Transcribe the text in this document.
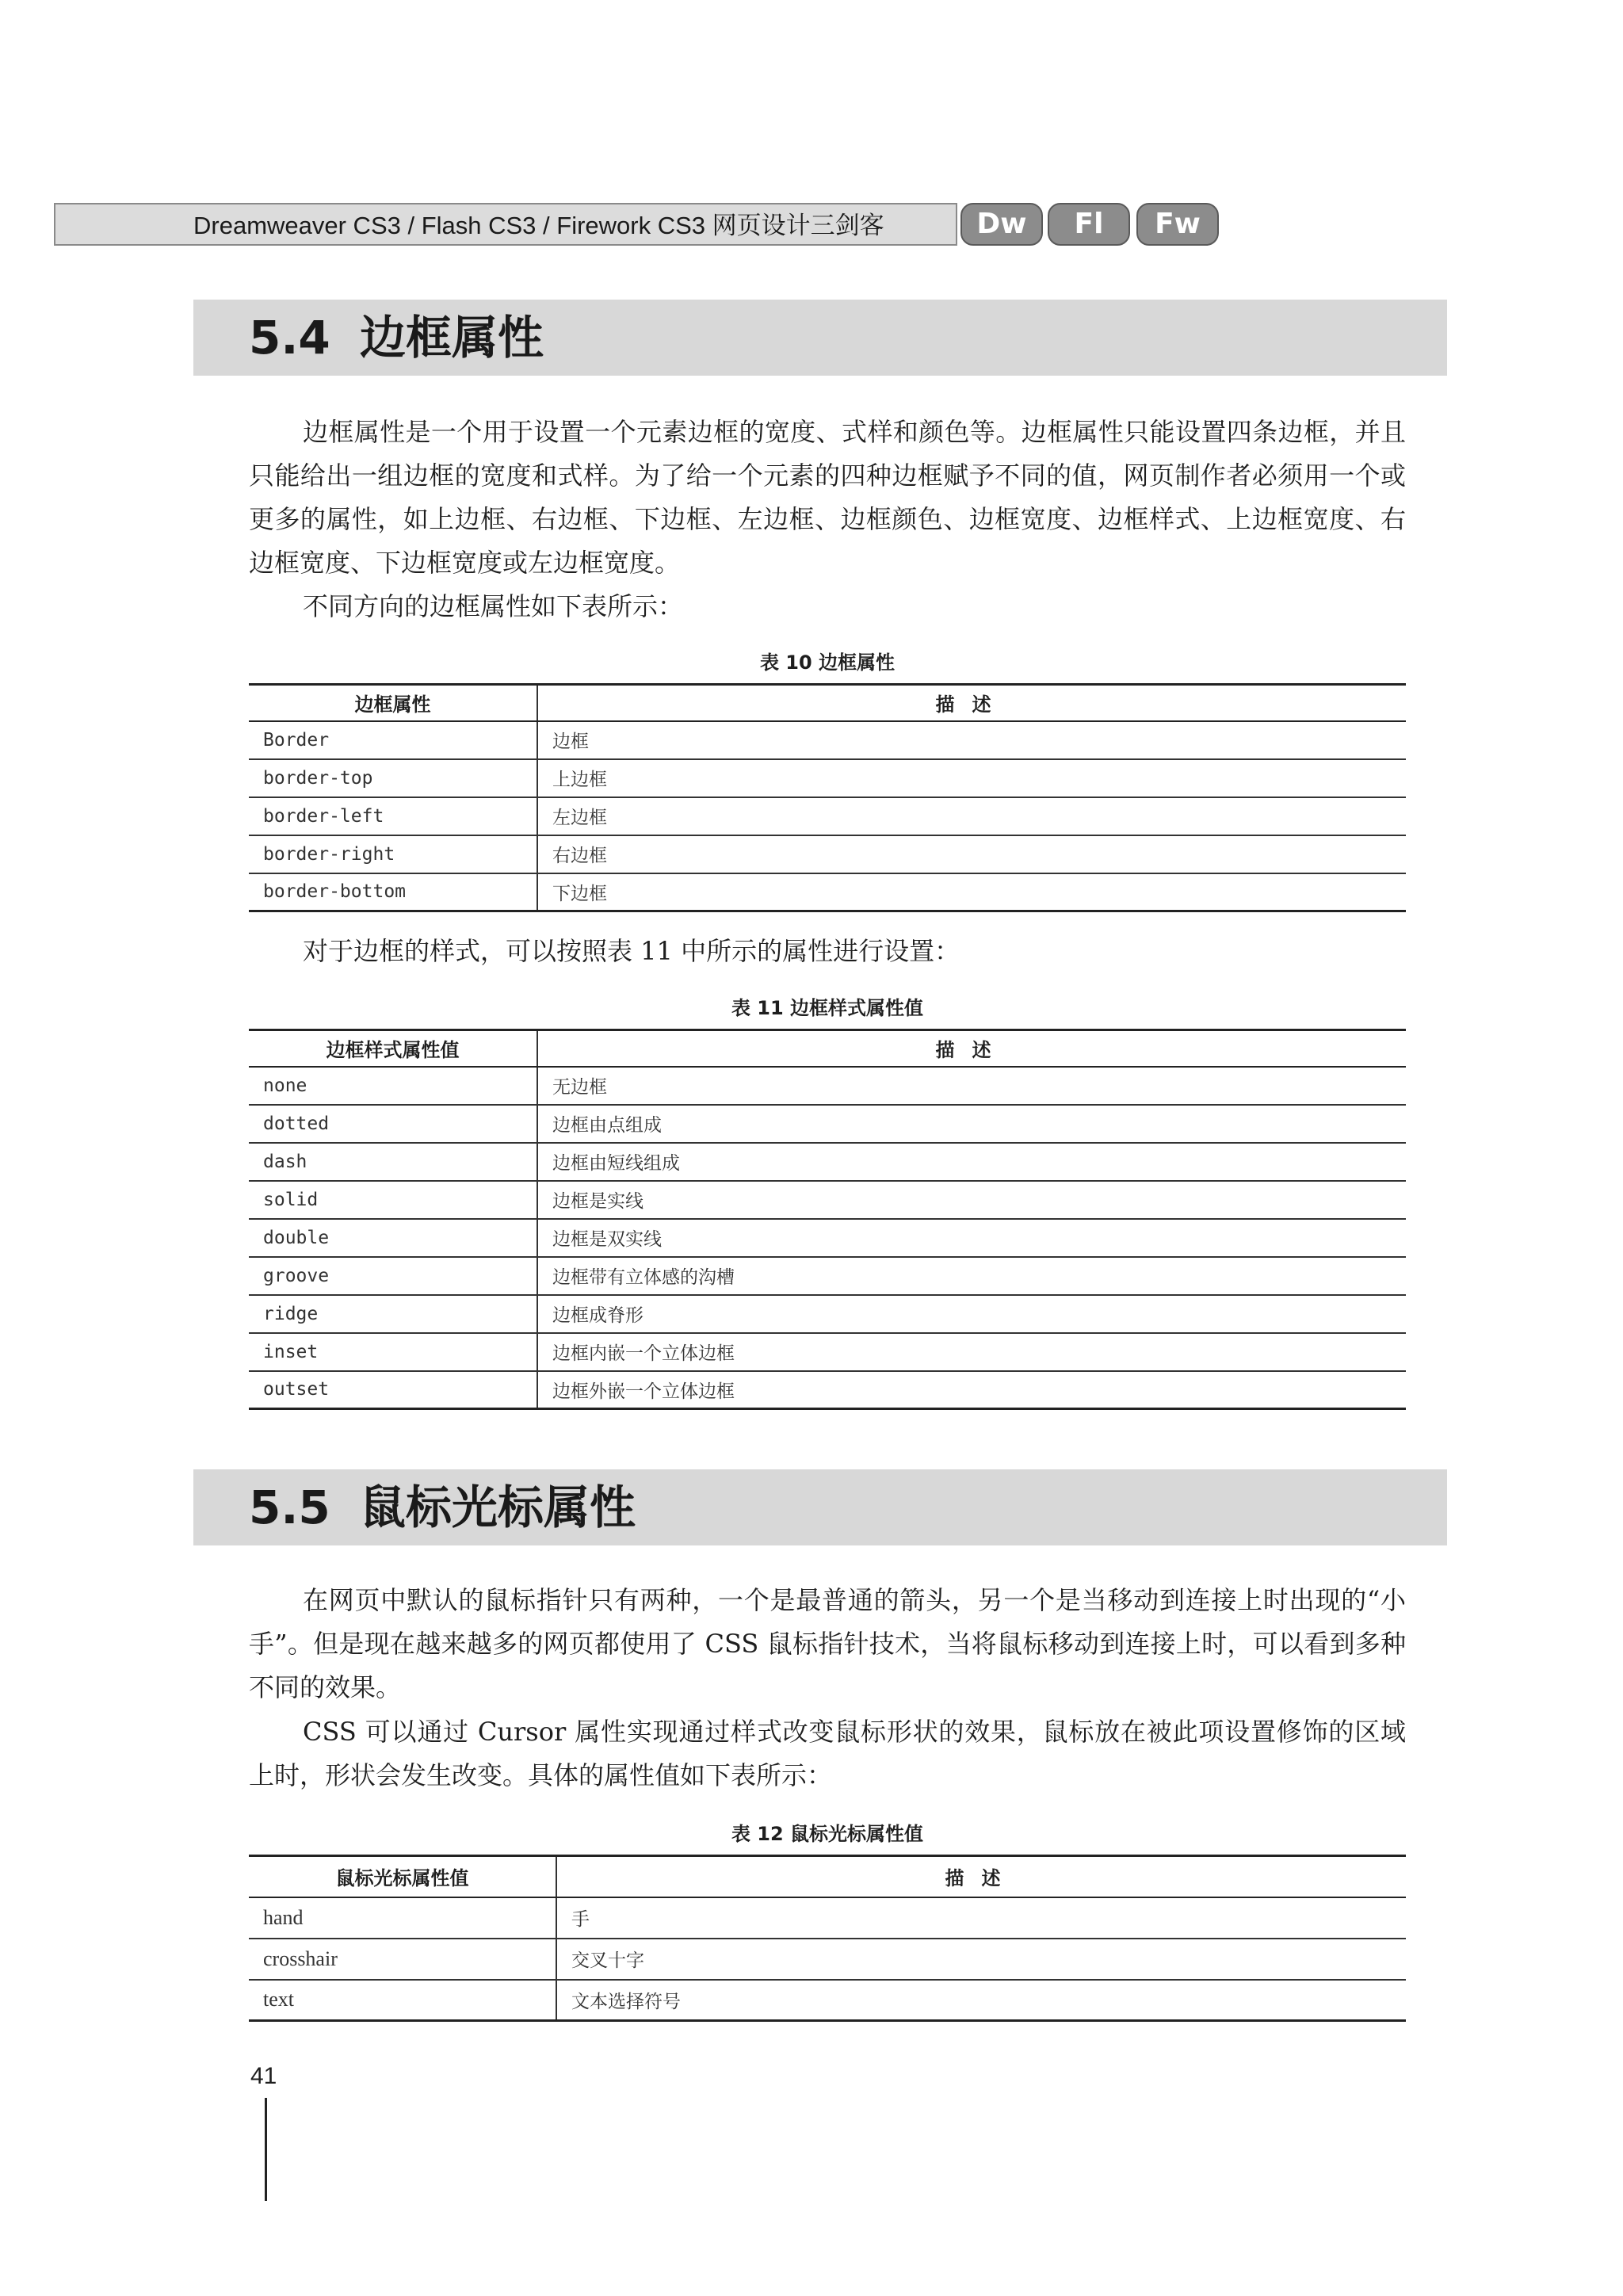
Dreamweaver CS3 / Flash CS3 / Firework CS3 网页设计三剑客	Dw	Fl	Fw
5.4 边框属性

边框属性是一个用于设置一个元素边框的宽度、式样和颜色等。边框属性只能设置四条边框，并且只能给出一组边框的宽度和式样。为了给一个元素的四种边框赋予不同的值，网页制作者必须用一个或更多的属性，如上边框、右边框、下边框、左边框、边框颜色、边框宽度、边框样式、上边框宽度、右边框宽度、下边框宽度或左边框宽度。

不同方向的边框属性如下表所示：

表 10 边框属性
边框属性	描述
Border	边框
border-top	上边框
border-left	左边框
border-right	右边框
border-bottom	下边框

对于边框的样式，可以按照表 11 中所示的属性进行设置：

表 11 边框样式属性值
边框样式属性值	描述
none	无边框
dotted	边框由点组成
dash	边框由短线组成
solid	边框是实线
double	边框是双实线
groove	边框带有立体感的沟槽
ridge	边框成脊形
inset	边框内嵌一个立体边框
outset	边框外嵌一个立体边框
5.5 鼠标光标属性

在网页中默认的鼠标指针只有两种，一个是最普通的箭头，另一个是当移动到连接上时出现的“小手”。但是现在越来越多的网页都使用了 CSS 鼠标指针技术，当将鼠标移动到连接上时，可以看到多种不同的效果。

CSS 可以通过 Cursor 属性实现通过样式改变鼠标形状的效果，鼠标放在被此项设置修饰的区域上时，形状会发生改变。具体的属性值如下表所示：

表 12 鼠标光标属性值
鼠标光标属性值	描述
hand	手
crosshair	交叉十字
text	文本选择符号
41
